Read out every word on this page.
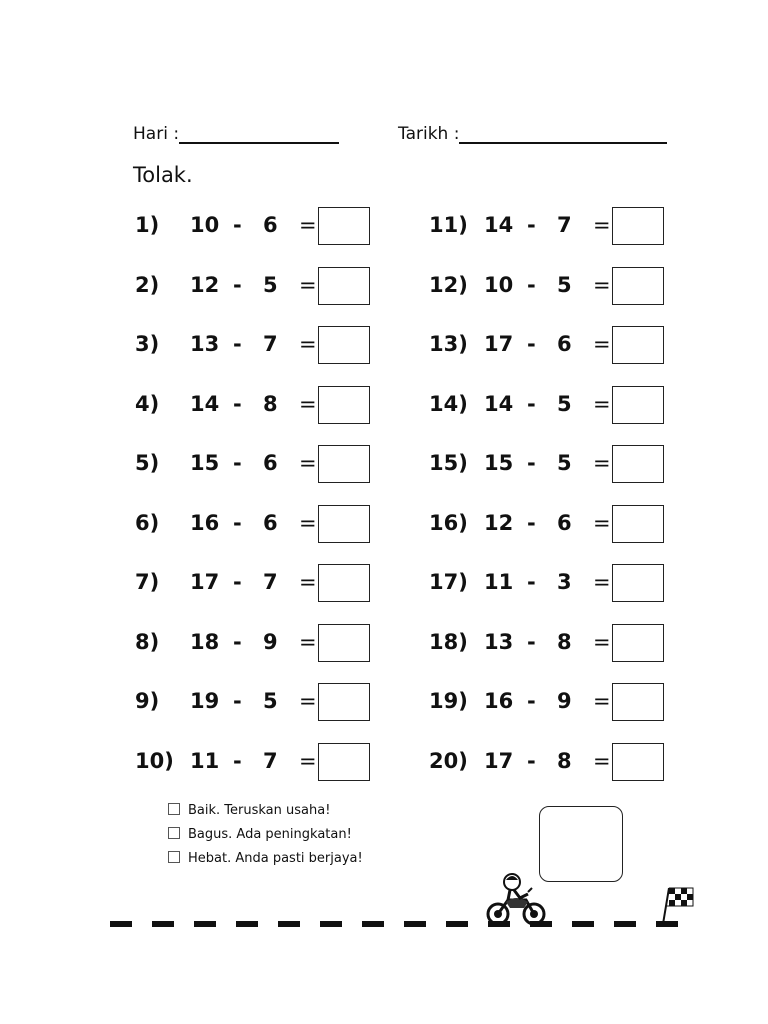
Hari :	Tarikh :
Tolak.
1) 10 - 6 =
2) 12 - 5 =
3) 13 - 7 =
4) 14 - 8 =
5) 15 - 6 =
6) 16 - 6 =
7) 17 - 7 =
8) 18 - 9 =
9) 19 - 5 =
10) 11 - 7 =
11) 14 - 7 =
12) 10 - 5 =
13) 17 - 6 =
14) 14 - 5 =
15) 15 - 5 =
16) 12 - 6 =
17) 11 - 3 =
18) 13 - 8 =
19) 16 - 9 =
20) 17 - 8 =
Baik. Teruskan usaha!
Bagus. Ada peningkatan!
Hebat. Anda pasti berjaya!
